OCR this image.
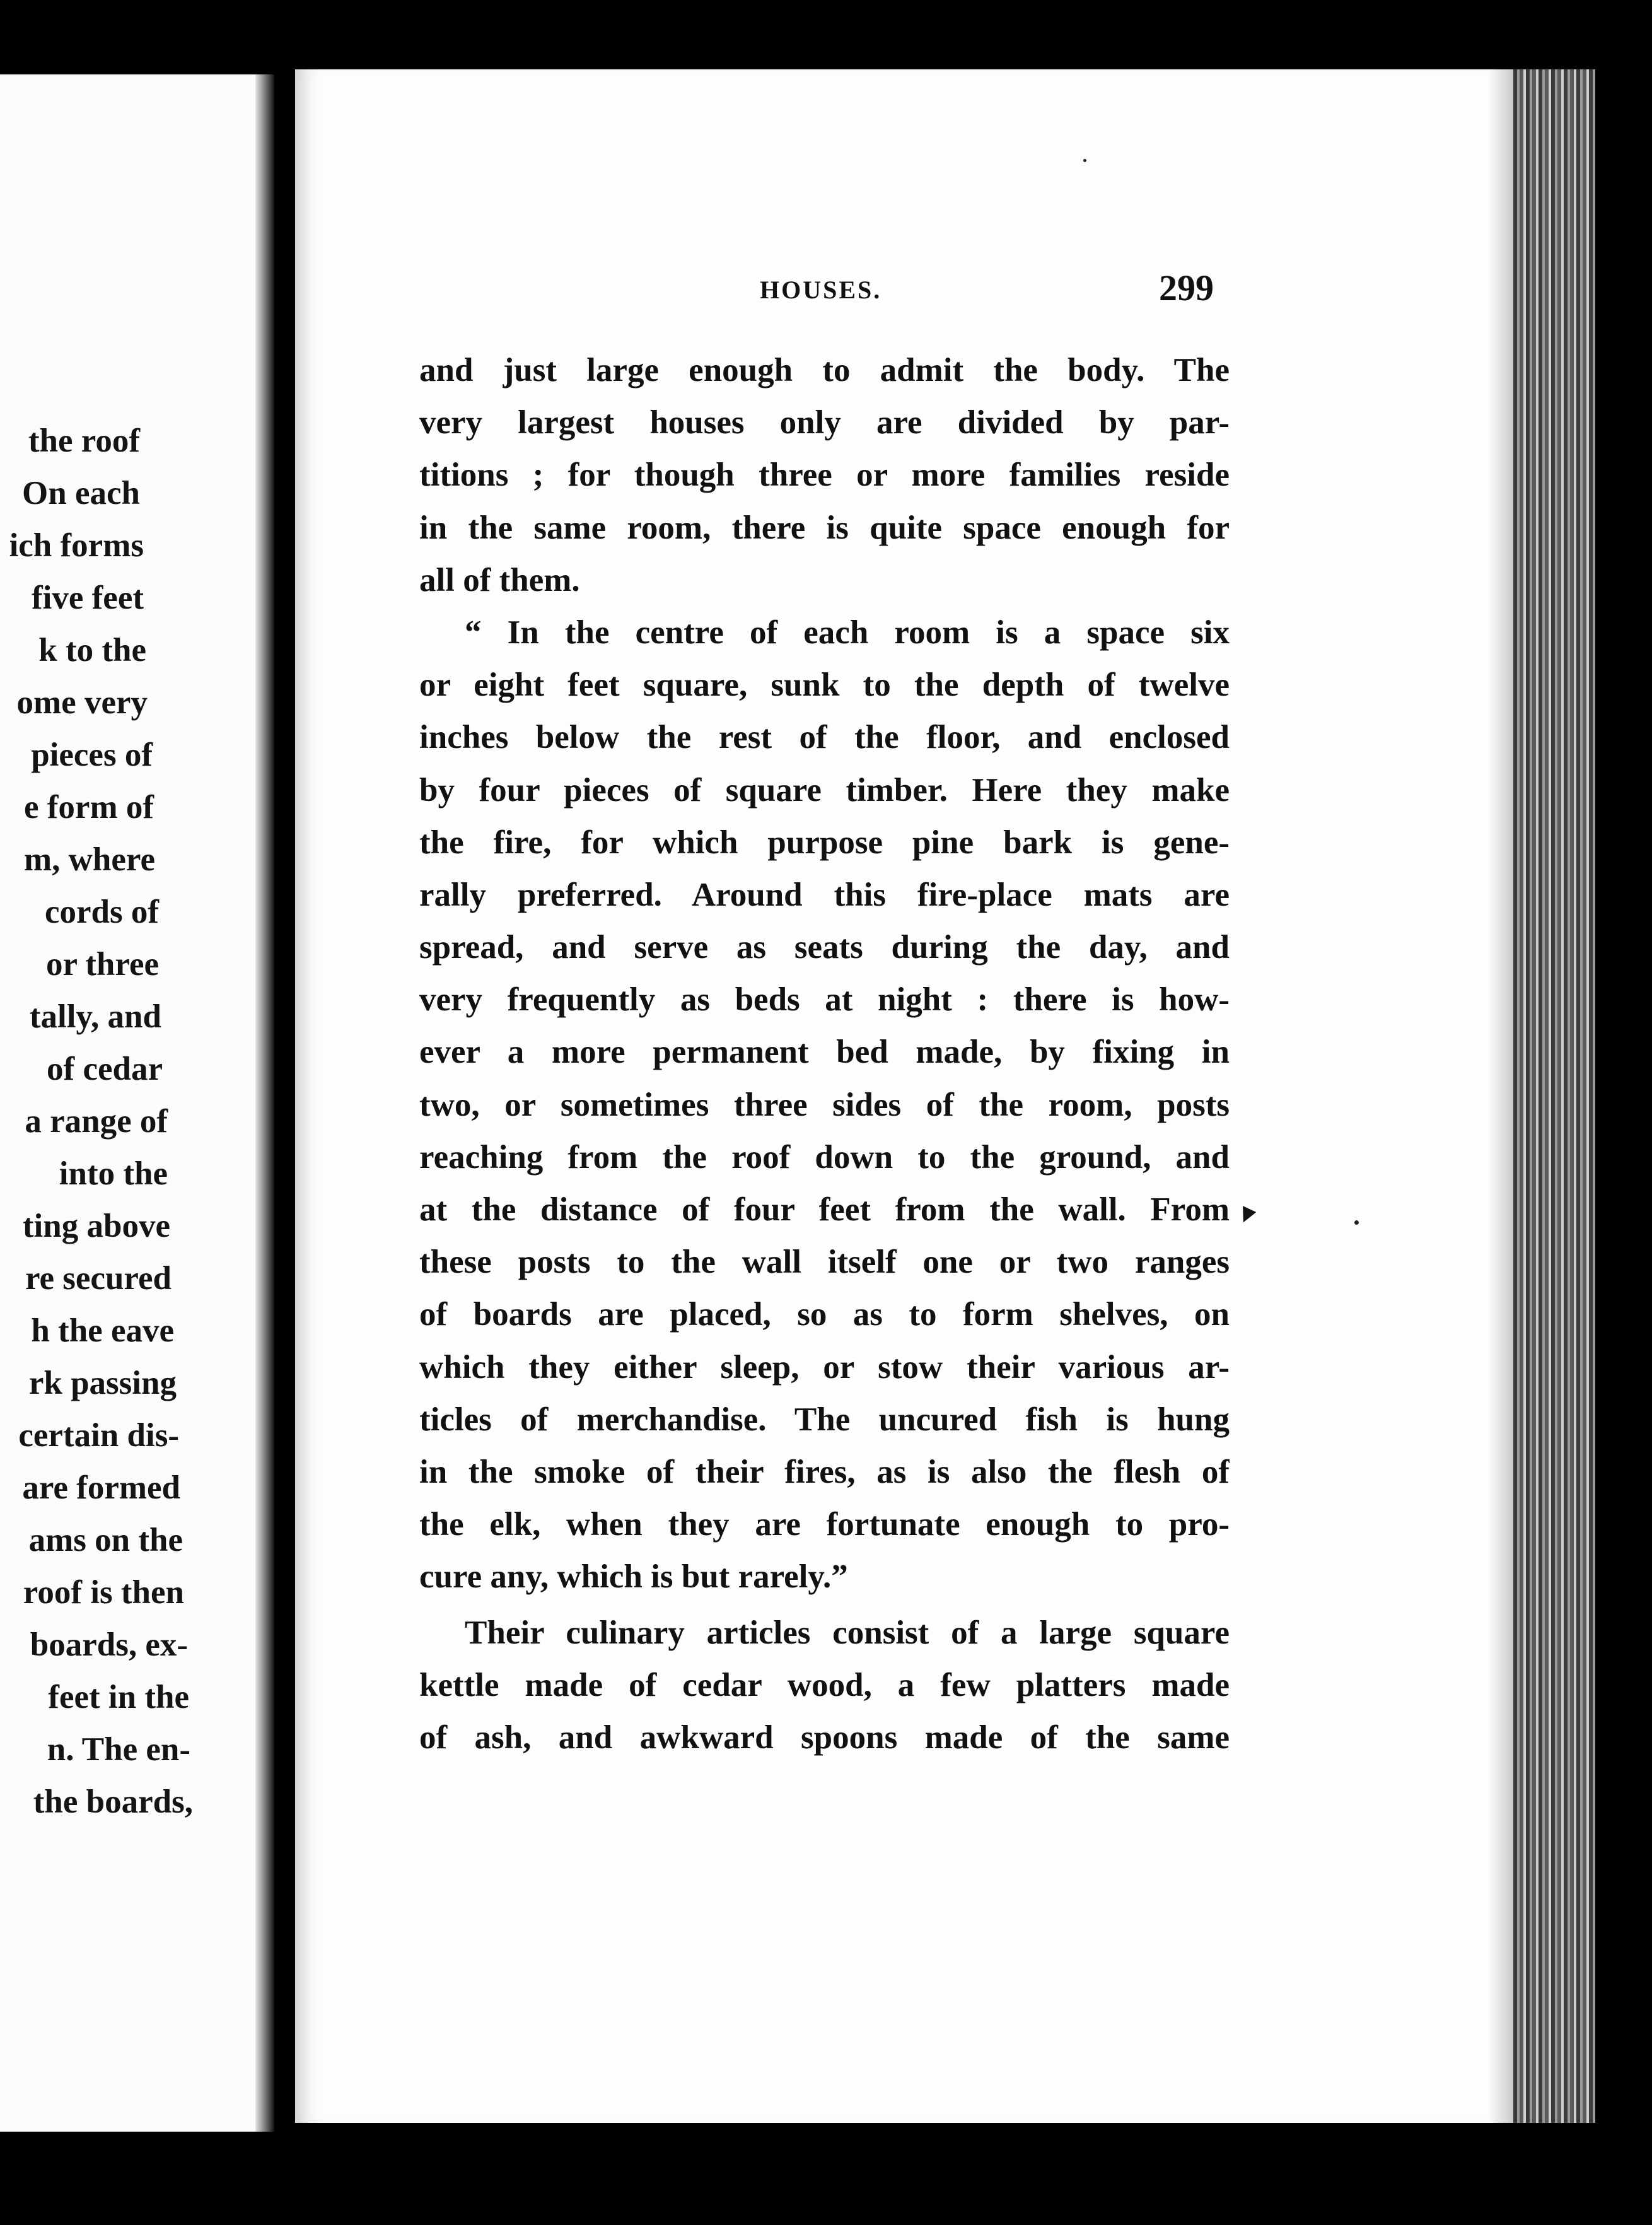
the roof
On each
ich forms
five feet
k to the
ome very
pieces of
e form of
m, where
cords of
or three
tally, and
of cedar
a range of
into the
ting above
re secured
h the eave
rk passing
certain dis-
are formed
ams on the
roof is then
boards, ex-
feet in the
n. The en-
the boards,
HOUSES.	299
and just large enough to admit the body. The
very largest houses only are divided by par-
titions ; for though three or more families reside
in the same room, there is quite space enough for
all of them.
“ In the centre of each room is a space six
or eight feet square, sunk to the depth of twelve
inches below the rest of the floor, and enclosed
by four pieces of square timber. Here they make
the fire, for which purpose pine bark is gene-
rally preferred. Around this fire-place mats are
spread, and serve as seats during the day, and
very frequently as beds at night : there is how-
ever a more permanent bed made, by fixing in
two, or sometimes three sides of the room, posts
reaching from the roof down to the ground, and
at the distance of four feet from the wall. From
these posts to the wall itself one or two ranges
of boards are placed, so as to form shelves, on
which they either sleep, or stow their various ar-
ticles of merchandise. The uncured fish is hung
in the smoke of their fires, as is also the flesh of
the elk, when they are fortunate enough to pro-
cure any, which is but rarely.”
Their culinary articles consist of a large square
kettle made of cedar wood, a few platters made
of ash, and awkward spoons made of the same
▼
